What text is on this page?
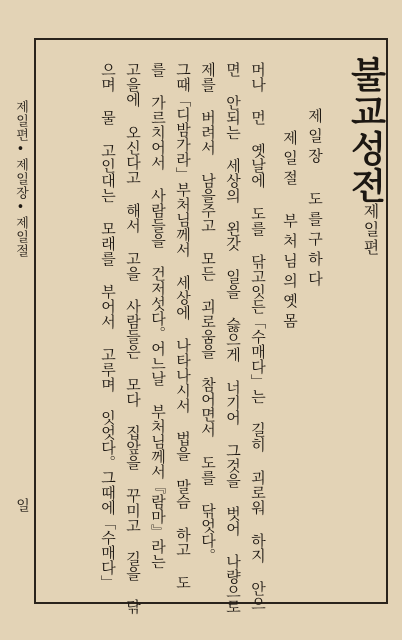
불교성전
제일편
제일장 도를구하다
제일절 부처님의옛몸
머나 먼 옛날에 도를 닦고잇든「수매다」는 길히 괴로워 하지 안으
면 안되는 세상의 왼갓 일을 슳으게 너기어 그것을 벗어 나량으로
제를 버려서 남을주고 모든 괴로움을 참어면서 도를 닦엇다。
그때「디밤가라」부처님께서 세상에 나타나시서 법을 말슴 하고 도
를 가르치어서 사람들을 건저섯다。어느날 부처님께서『람마』라는
고을에 오신다고 해서 고을 사람들은 모다 집앞을 꾸미고 길을 닦
으며 물 고인대는 모래를 부어서 고루며 잇엇다。그때에「수매다」
제일편•제일장•제일절
일
